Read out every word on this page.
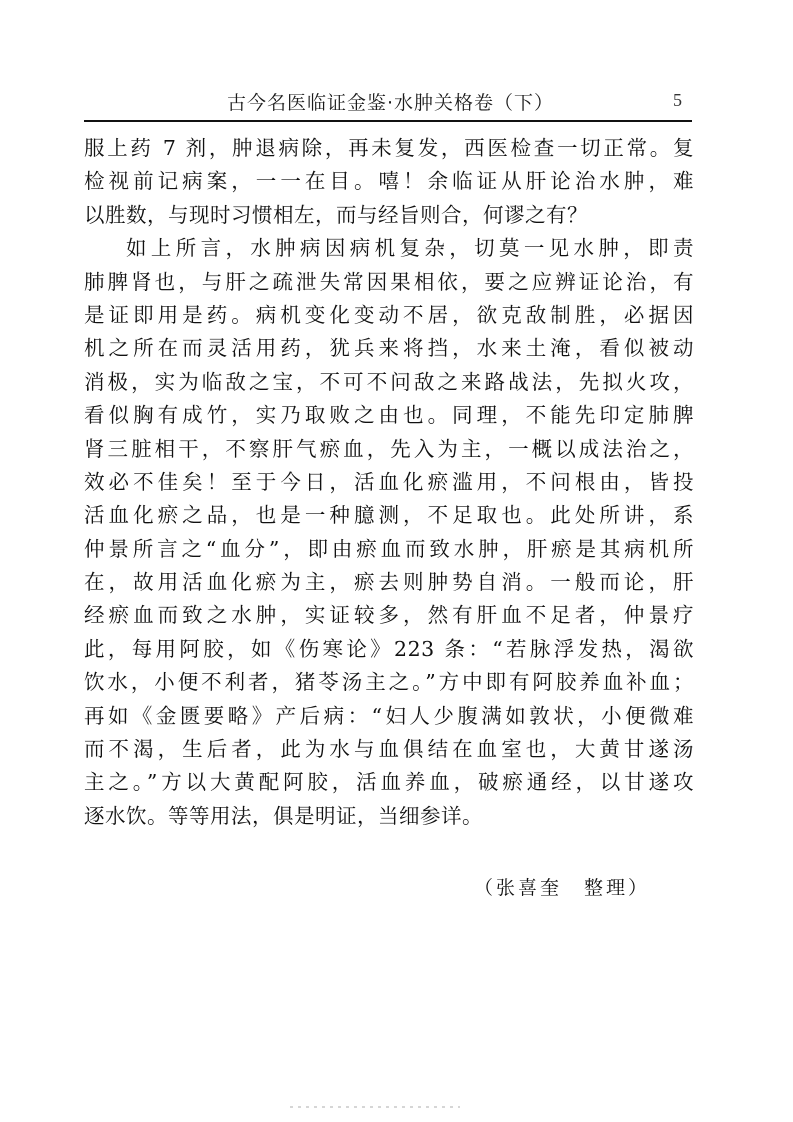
古今名医临证金鉴·水肿关格卷（下）	5
服上药 7 剂，肿退病除，再未复发，西医检查一切正常。复
检视前记病案，一一在目。嘻！余临证从肝论治水肿，难
以胜数，与现时习惯相左，而与经旨则合，何谬之有？
如上所言，水肿病因病机复杂，切莫一见水肿，即责
肺脾肾也，与肝之疏泄失常因果相依，要之应辨证论治，有
是证即用是药。病机变化变动不居，欲克敌制胜，必据因
机之所在而灵活用药，犹兵来将挡，水来土淹，看似被动
消极，实为临敌之宝，不可不问敌之来路战法，先拟火攻，
看似胸有成竹，实乃取败之由也。同理，不能先印定肺脾
肾三脏相干，不察肝气瘀血，先入为主，一概以成法治之，
效必不佳矣！至于今日，活血化瘀滥用，不问根由，皆投
活血化瘀之品，也是一种臆测，不足取也。此处所讲，系
仲景所言之“血分”，即由瘀血而致水肿，肝瘀是其病机所
在，故用活血化瘀为主，瘀去则肿势自消。一般而论，肝
经瘀血而致之水肿，实证较多，然有肝血不足者，仲景疗
此，每用阿胶，如《伤寒论》223 条：“若脉浮发热，渴欲
饮水，小便不利者，猪苓汤主之。”方中即有阿胶养血补血；
再如《金匮要略》产后病：“妇人少腹满如敦状，小便微难
而不渴，生后者，此为水与血俱结在血室也，大黄甘遂汤
主之。”方以大黄配阿胶，活血养血，破瘀通经，以甘遂攻
逐水饮。等等用法，俱是明证，当细参详。
（张喜奎　整理）
